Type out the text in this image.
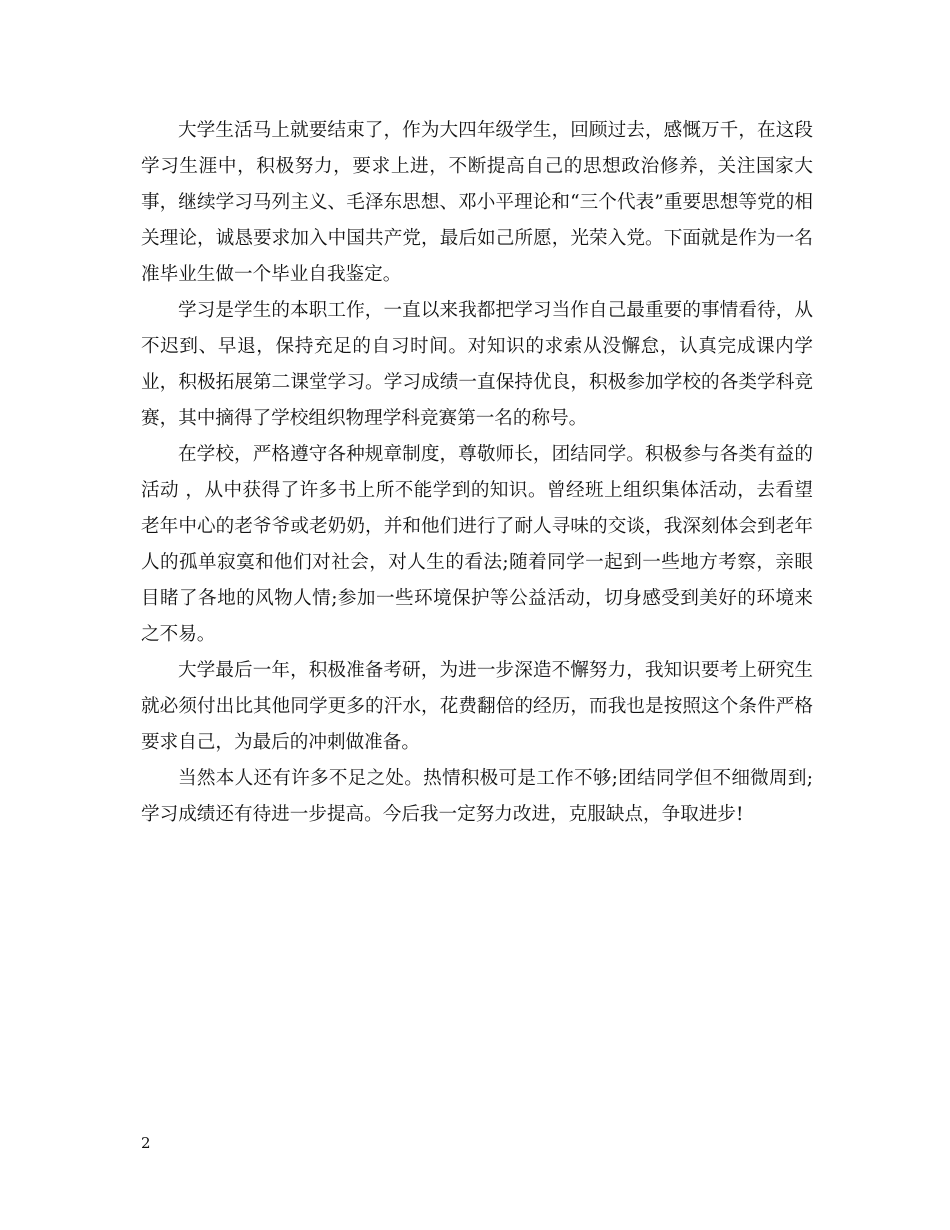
大学生活马上就要结束了，作为大四年级学生，回顾过去，感慨万千，在这段学习生涯中，积极努力，要求上进，不断提高自己的思想政治修养，关注国家大事，继续学习马列主义、毛泽东思想、邓小平理论和“三个代表”重要思想等党的相关理论，诚恳要求加入中国共产党，最后如己所愿，光荣入党。下面就是作为一名准毕业生做一个毕业自我鉴定。

学习是学生的本职工作，一直以来我都把学习当作自己最重要的事情看待，从不迟到、早退，保持充足的自习时间。对知识的求索从没懈怠，认真完成课内学业，积极拓展第二课堂学习。学习成绩一直保持优良，积极参加学校的各类学科竞赛，其中摘得了学校组织物理学科竞赛第一名的称号。

在学校，严格遵守各种规章制度，尊敬师长，团结同学。积极参与各类有益的活动 ，从中获得了许多书上所不能学到的知识。曾经班上组织集体活动，去看望老年中心的老爷爷或老奶奶，并和他们进行了耐人寻味的交谈，我深刻体会到老年人的孤单寂寞和他们对社会，对人生的看法;随着同学一起到一些地方考察，亲眼目睹了各地的风物人情;参加一些环境保护等公益活动，切身感受到美好的环境来之不易。

大学最后一年，积极准备考研，为进一步深造不懈努力，我知识要考上研究生就必须付出比其他同学更多的汗水，花费翻倍的经历，而我也是按照这个条件严格要求自己，为最后的冲刺做准备。

当然本人还有许多不足之处。热情积极可是工作不够;团结同学但不细微周到;学习成绩还有待进一步提高。今后我一定努力改进，克服缺点，争取进步!

2
